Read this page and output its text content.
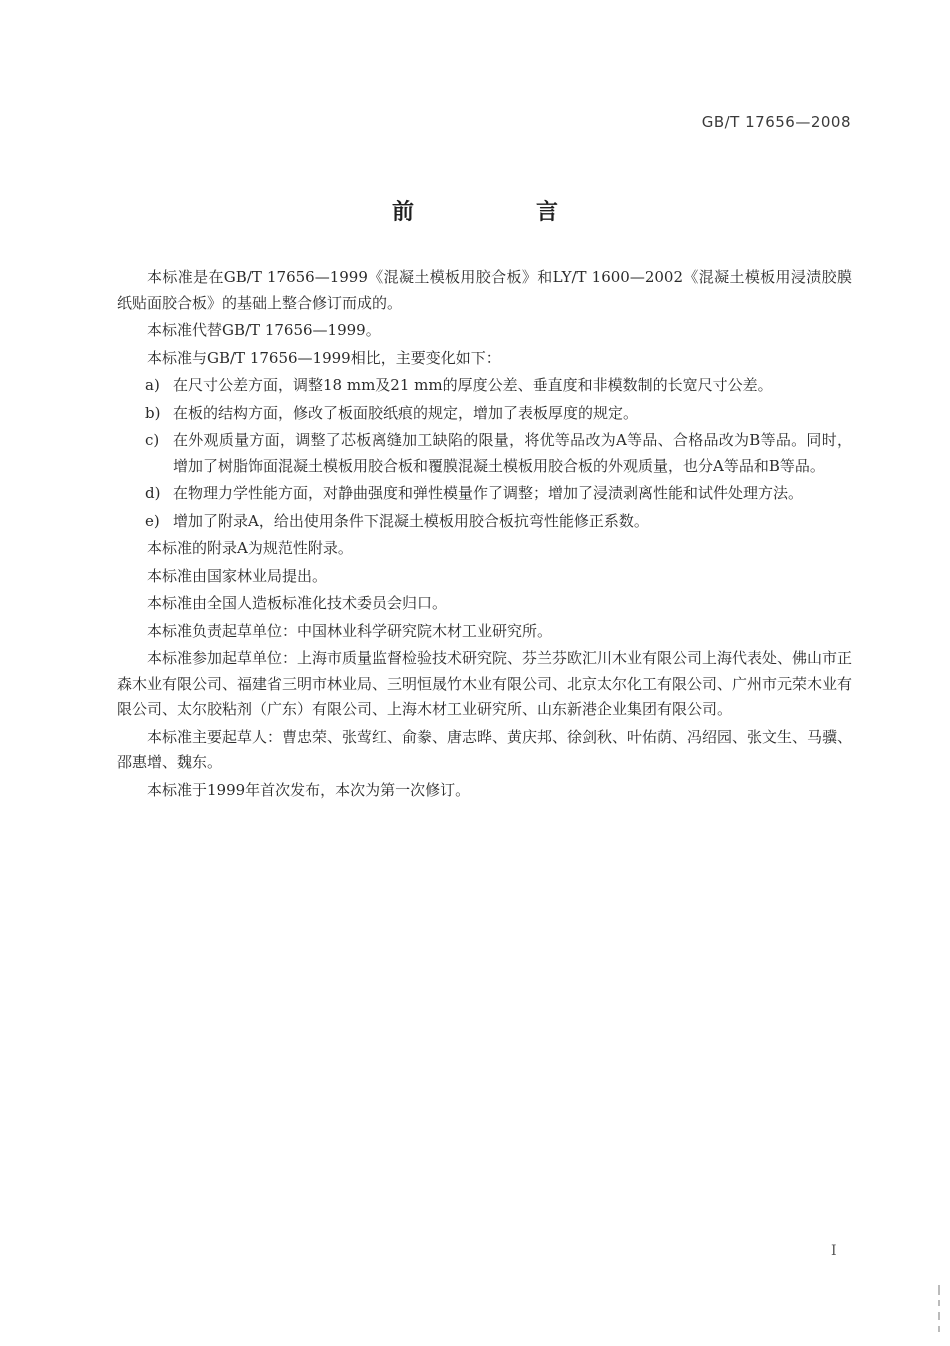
GB/T 17656—2008
前　言

本标准是在GB/T 17656—1999《混凝土模板用胶合板》和LY/T 1600—2002《混凝土模板用浸渍胶膜纸贴面胶合板》的基础上整合修订而成的。

本标准代替GB/T 17656—1999。

本标准与GB/T 17656—1999相比，主要变化如下：

a) 在尺寸公差方面，调整18 mm及21 mm的厚度公差、垂直度和非模数制的长宽尺寸公差。
b) 在板的结构方面，修改了板面胶纸痕的规定，增加了表板厚度的规定。
c) 在外观质量方面，调整了芯板离缝加工缺陷的限量，将优等品改为A等品、合格品改为B等品。同时，增加了树脂饰面混凝土模板用胶合板和覆膜混凝土模板用胶合板的外观质量，也分A等品和B等品。
d) 在物理力学性能方面，对静曲强度和弹性模量作了调整；增加了浸渍剥离性能和试件处理方法。
e) 增加了附录A，给出使用条件下混凝土模板用胶合板抗弯性能修正系数。

本标准的附录A为规范性附录。

本标准由国家林业局提出。

本标准由全国人造板标准化技术委员会归口。

本标准负责起草单位：中国林业科学研究院木材工业研究所。

本标准参加起草单位：上海市质量监督检验技术研究院、芬兰芬欧汇川木业有限公司上海代表处、佛山市正森木业有限公司、福建省三明市林业局、三明恒晟竹木业有限公司、北京太尔化工有限公司、广州市元荣木业有限公司、太尔胶粘剂（广东）有限公司、上海木材工业研究所、山东新港企业集团有限公司。

本标准主要起草人：曹忠荣、张莺红、俞豢、唐志晔、黄庆邦、徐剑秋、叶佑荫、冯绍园、张文生、马骥、邵惠增、魏东。

本标准于1999年首次发布，本次为第一次修订。

I
